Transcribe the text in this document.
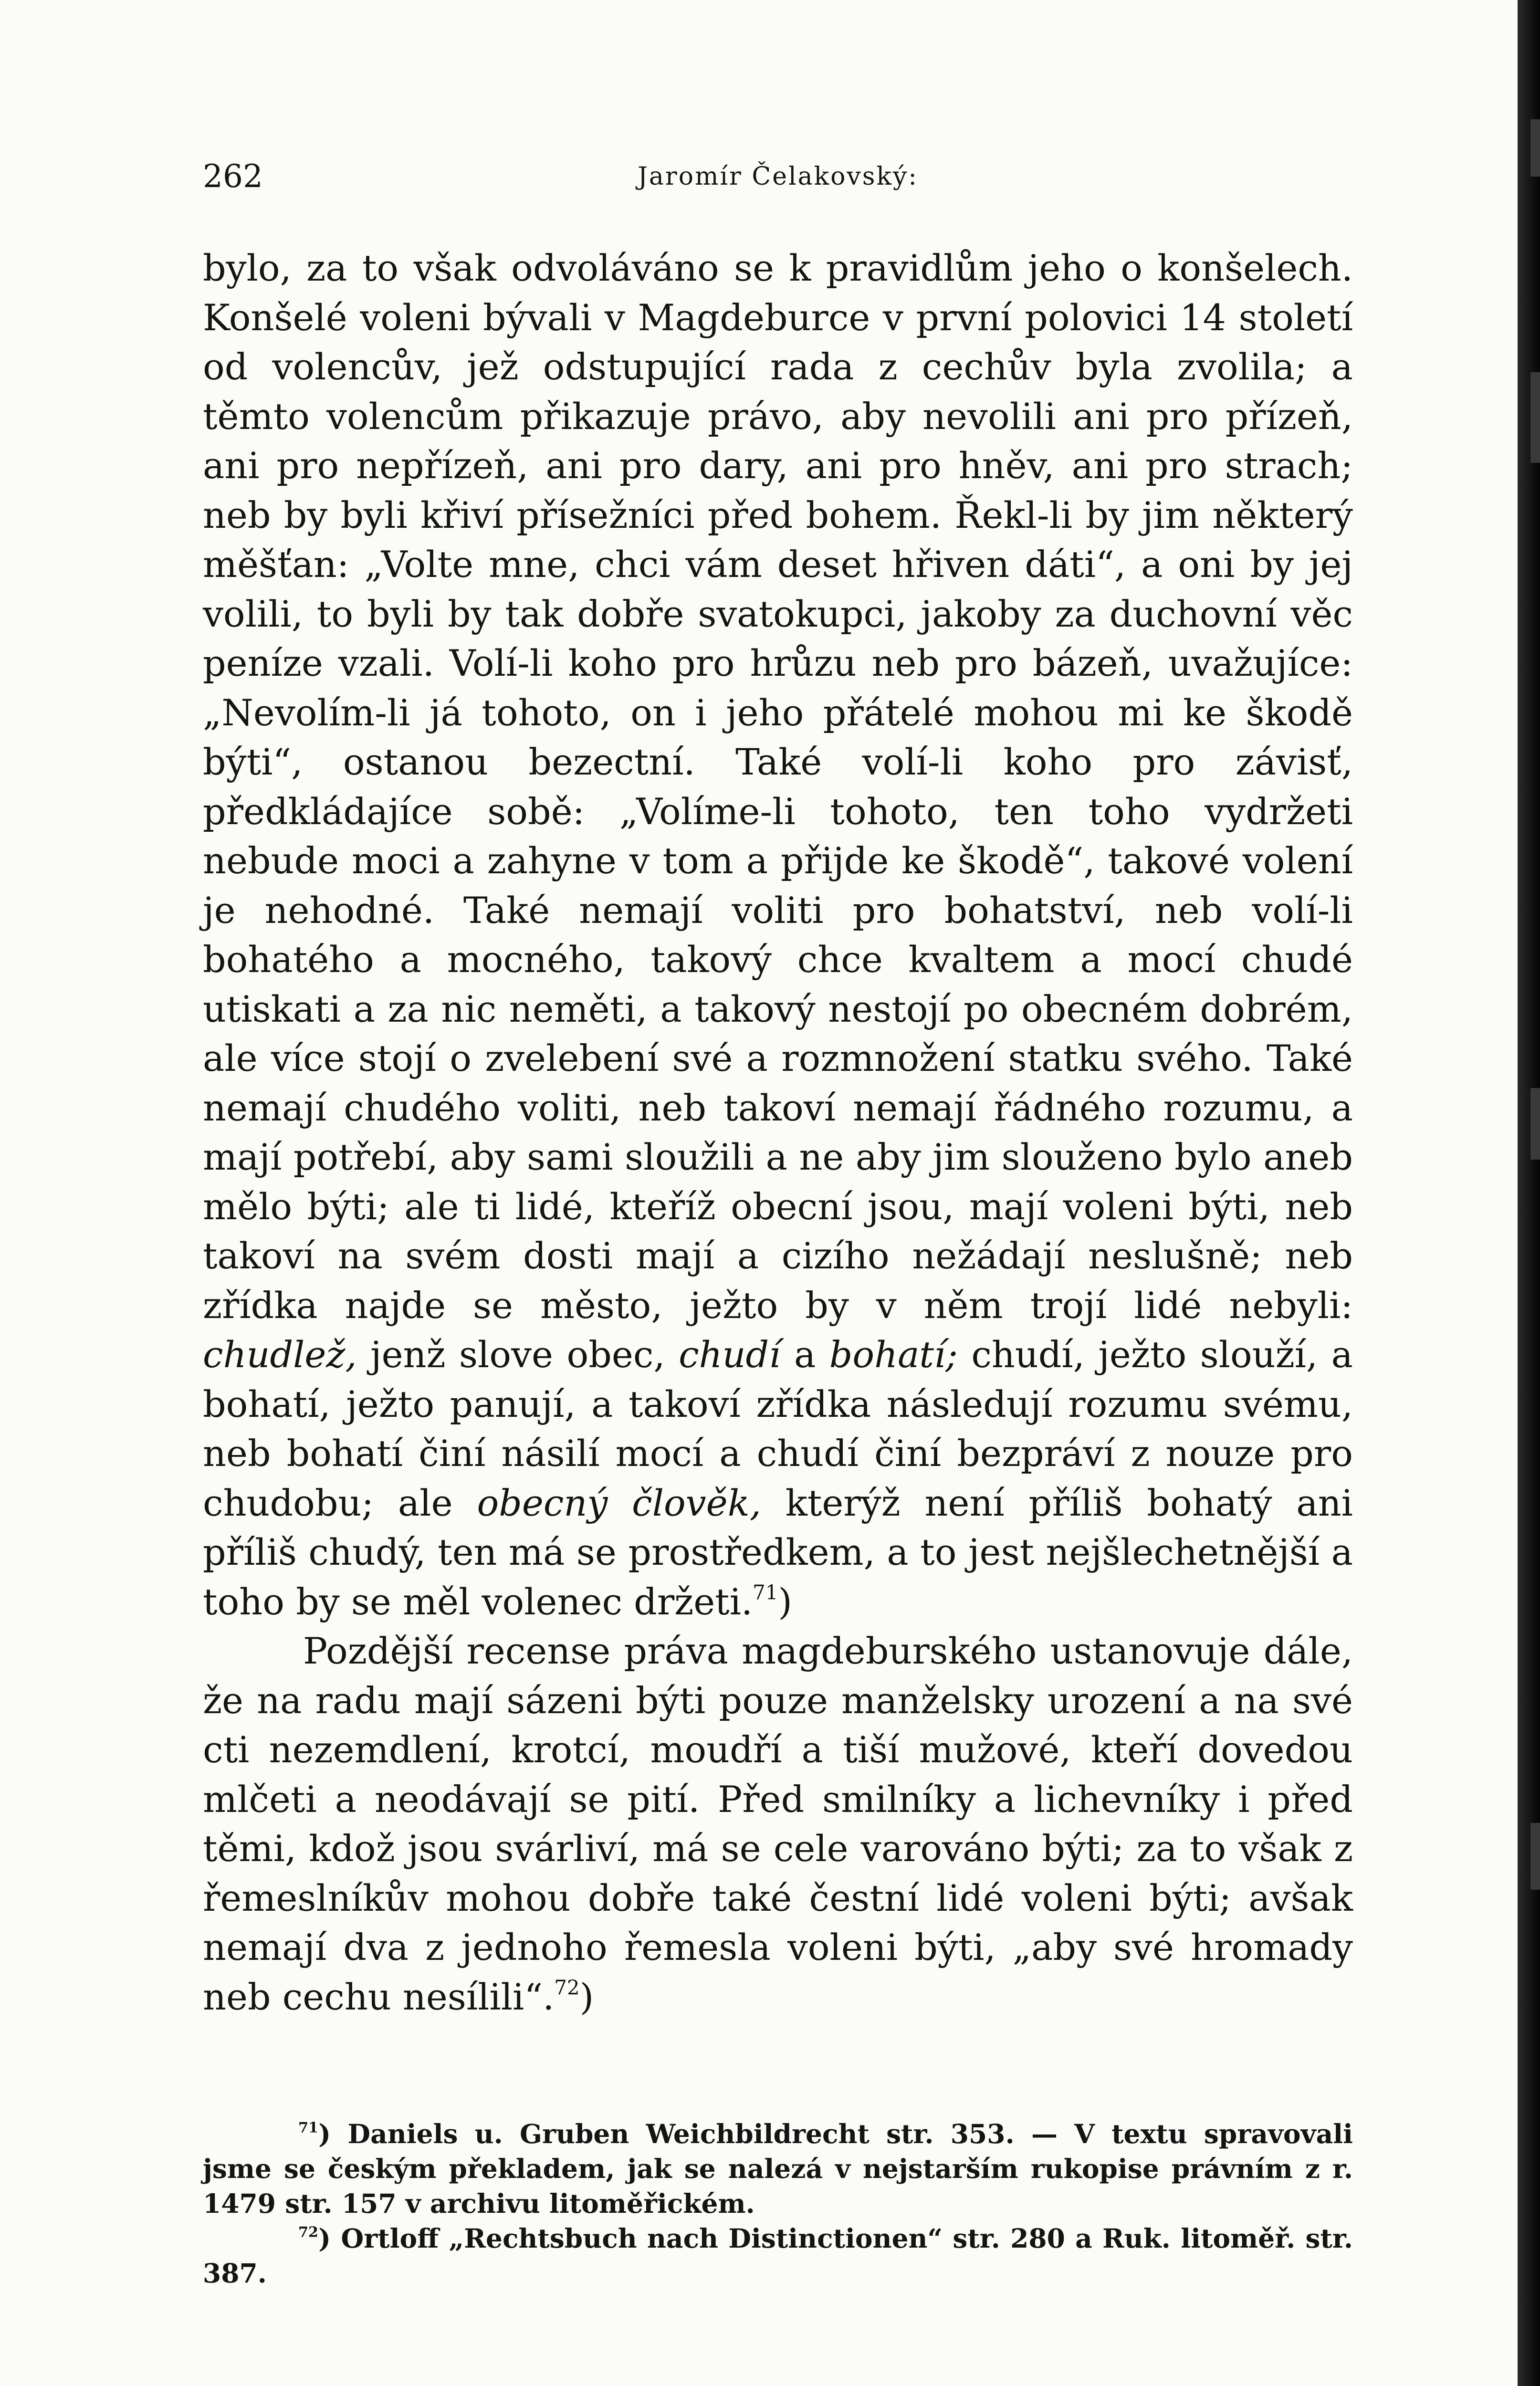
262	Jaromír Čelakovský:

bylo, za to však odvoláváno se k pravidlům jeho o konšelech. Konšelé voleni bývali v Magdeburce v první polovici 14 století od volencův, jež odstupující rada z cechův byla zvolila; a těmto volencům přikazuje právo, aby nevolili ani pro přízeň, ani pro nepřízeň, ani pro dary, ani pro hněv, ani pro strach; neb by byli křiví přísežníci před bohem. Řekl-li by jim některý měšťan: „Volte mne, chci vám deset hřiven dáti“, a oni by jej volili, to byli by tak dobře svatokupci, jakoby za duchovní věc peníze vzali. Volí-li koho pro hrůzu neb pro bázeň, uvažujíce: „Nevolím-li já tohoto, on i jeho přátelé mohou mi ke škodě býti“, ostanou bezectní. Také volí-li koho pro závisť, předkládajíce sobě: „Volíme-li tohoto, ten toho vydržeti nebude moci a zahyne v tom a přijde ke škodě“, takové volení je nehodné. Také nemají voliti pro bohatství, neb volí-li bohatého a mocného, takový chce kvaltem a mocí chudé utiskati a za nic neměti, a takový nestojí po obecném dobrém, ale více stojí o zvelebení své a rozmnožení statku svého. Také nemají chudého voliti, neb takoví nemají řádného rozumu, a mají potřebí, aby sami sloužili a ne aby jim slouženo bylo aneb mělo býti; ale ti lidé, kteříž obecní jsou, mají voleni býti, neb takoví na svém dosti mají a cizího nežádají neslušně; neb zřídka najde se město, ježto by v něm trojí lidé nebyli: chudlež, jenž slove obec, chudí a bohatí; chudí, ježto slouží, a bohatí, ježto panují, a takoví zřídka následují rozumu svému, neb bohatí činí násilí mocí a chudí činí bezpráví z nouze pro chudobu; ale obecný člověk, kterýž není příliš bohatý ani příliš chudý, ten má se prostředkem, a to jest nejšlechetnější a toho by se měl volenec držeti.$^{71}$)

Pozdější recense práva magdeburského ustanovuje dále, že na radu mají sázeni býti pouze manželsky urození a na své cti nezemdlení, krotcí, moudří a tiší mužové, kteří dovedou mlčeti a neodávají se pití. Před smilníky a lichevníky i před těmi, kdož jsou svárliví, má se cele varováno býti; za to však z řemeslníkův mohou dobře také čestní lidé voleni býti; avšak nemají dva z jednoho řemesla voleni býti, „aby své hromady neb cechu nesílili“.$^{72}$)

$^{71}$) Daniels u. Gruben Weichbildrecht str. 353. — V textu spravovali jsme se českým překladem, jak se nalezá v nejstarším rukopise právním z r. 1479 str. 157 v archivu litoměřickém.

$^{72}$) Ortloff „Rechtsbuch nach Distinctionen“ str. 280 a Ruk. litoměř. str. 387.
